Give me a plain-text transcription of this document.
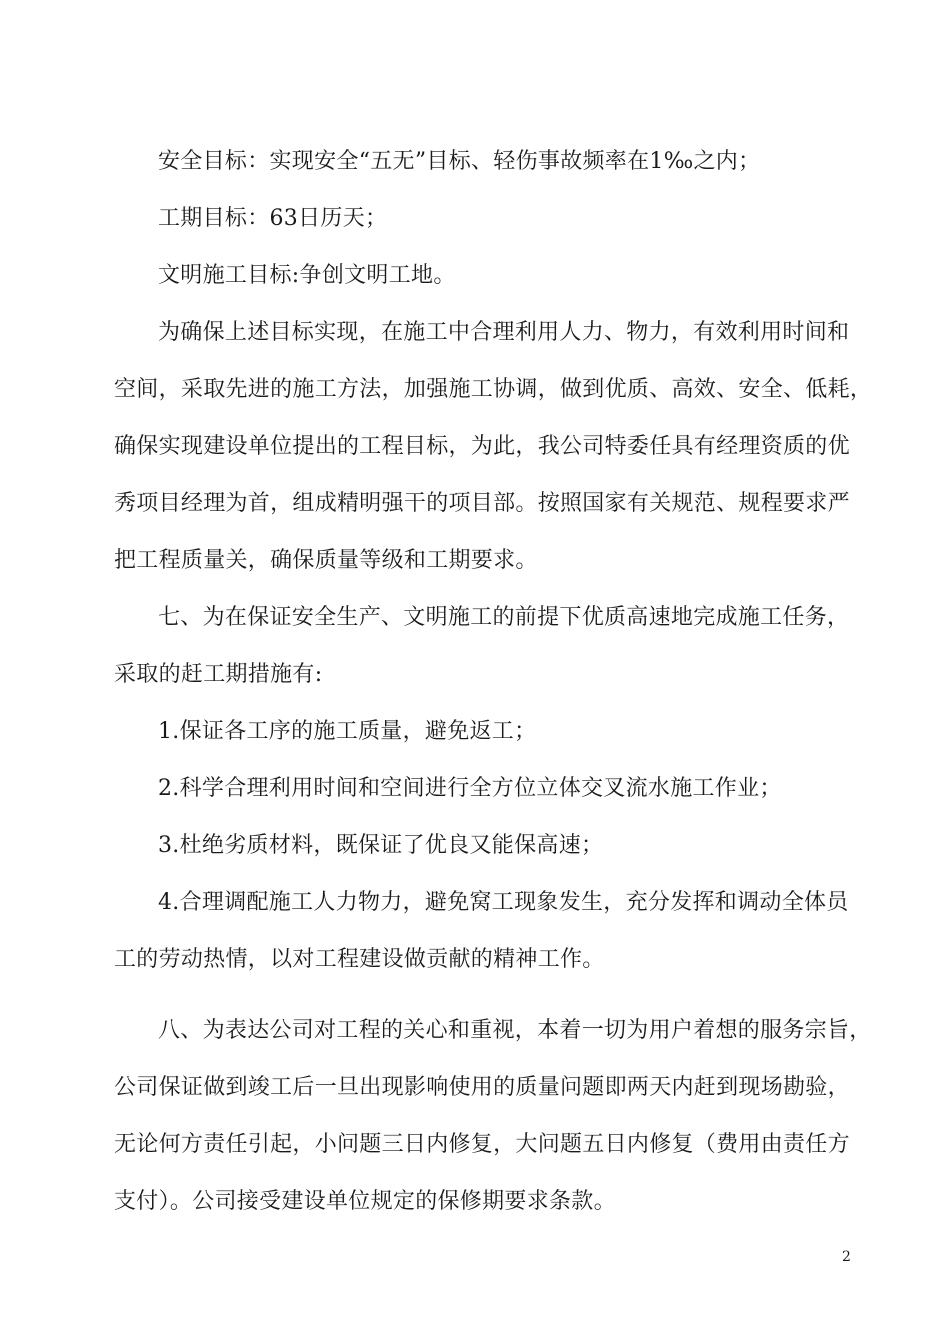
安全目标：实现安全“五无”目标、轻伤事故频率在1‰之内；
工期目标：63日历天；
文明施工目标:争创文明工地。
为确保上述目标实现，在施工中合理利用人力、物力，有效利用时间和
空间，采取先进的施工方法，加强施工协调，做到优质、高效、安全、低耗，
确保实现建设单位提出的工程目标，为此，我公司特委任具有经理资质的优
秀项目经理为首，组成精明强干的项目部。按照国家有关规范、规程要求严
把工程质量关，确保质量等级和工期要求。
七、为在保证安全生产、文明施工的前提下优质高速地完成施工任务，
采取的赶工期措施有:
1.保证各工序的施工质量，避免返工；
2.科学合理利用时间和空间进行全方位立体交叉流水施工作业；
3.杜绝劣质材料，既保证了优良又能保高速；
4.合理调配施工人力物力，避免窝工现象发生，充分发挥和调动全体员
工的劳动热情，以对工程建设做贡献的精神工作。
八、为表达公司对工程的关心和重视，本着一切为用户着想的服务宗旨，
公司保证做到竣工后一旦出现影响使用的质量问题即两天内赶到现场勘验，
无论何方责任引起，小问题三日内修复，大问题五日内修复（费用由责任方
支付）。公司接受建设单位规定的保修期要求条款。
2
